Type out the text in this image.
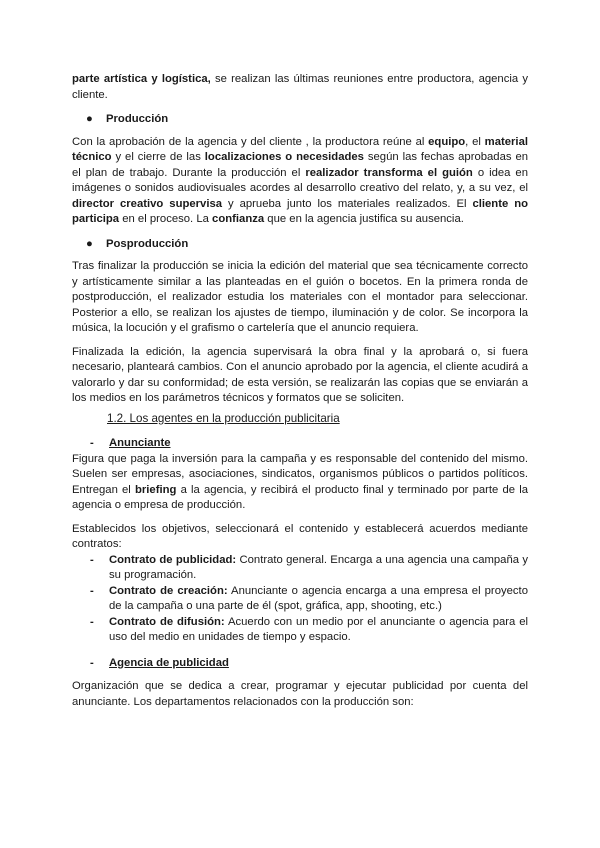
parte artística y logística, se realizan las últimas reuniones entre productora, agencia y cliente.

●	Producción

Con la aprobación de la agencia y del cliente , la productora reúne al equipo, el material técnico y el cierre de las localizaciones o necesidades según las fechas aprobadas en el plan de trabajo. Durante la producción el realizador transforma el guión o idea en imágenes o sonidos audiovisuales acordes al desarrollo creativo del relato, y, a su vez, el director creativo supervisa y aprueba junto los materiales realizados. El cliente no participa en el proceso. La confianza que en la agencia justifica su ausencia.

●	Posproducción

Tras finalizar la producción se inicia la edición del material que sea técnicamente correcto y artísticamente similar a las planteadas en el guión o bocetos. En la primera ronda de postproducción, el realizador estudia los materiales con el montador para seleccionar. Posterior a ello, se realizan los ajustes de tiempo, iluminación y de color. Se incorpora la música, la locución y el grafismo o cartelería que el anuncio requiera.

Finalizada la edición, la agencia supervisará la obra final y la aprobará o, si fuera necesario, planteará cambios. Con el anuncio aprobado por la agencia, el cliente acudirá a valorarlo y dar su conformidad; de esta versión, se realizarán las copias que se enviarán a los medios en los parámetros técnicos y formatos que se soliciten.

1.2. Los agentes en la producción publicitaria
-	Anunciante

Figura que paga la inversión para la campaña y es responsable del contenido del mismo. Suelen ser empresas, asociaciones, sindicatos, organismos públicos o partidos políticos. Entregan el briefing a la agencia, y recibirá el producto final y terminado por parte de la agencia o empresa de producción.

Establecidos los objetivos, seleccionará el contenido y establecerá acuerdos mediante contratos:

-	Contrato de publicidad: Contrato general. Encarga a una agencia una campaña y su programación.
-	Contrato de creación: Anunciante o agencia encarga a una empresa el proyecto de la campaña o una parte de él (spot, gráfica, app, shooting, etc.)
-	Contrato de difusión: Acuerdo con un medio por el anunciante o agencia para el uso del medio en unidades de tiempo y espacio.
-	Agencia de publicidad

Organización que se dedica a crear, programar y ejecutar publicidad por cuenta del anunciante. Los departamentos relacionados con la producción son:
